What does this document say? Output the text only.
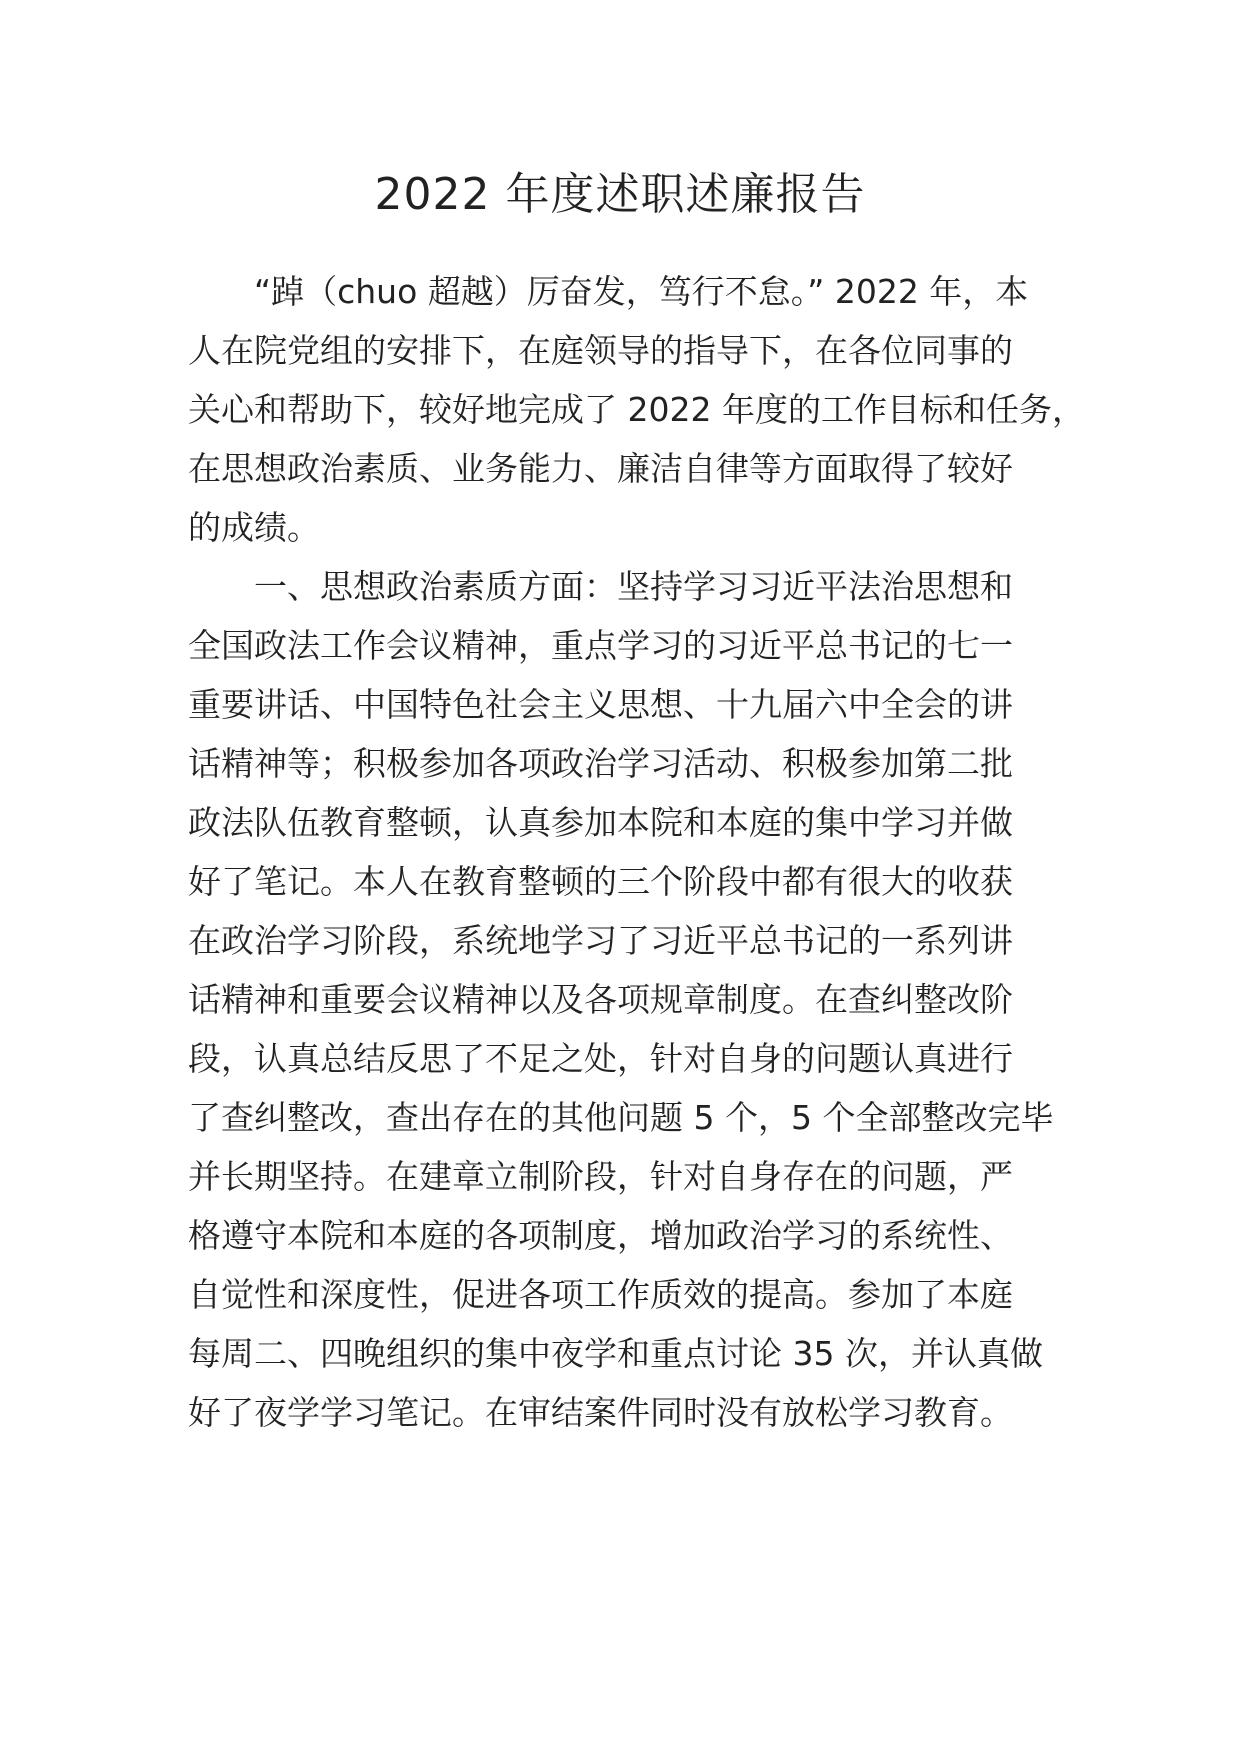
2022 年度述职述廉报告
　　“踔（chuo 超越）厉奋发，笃行不怠。” 2022 年，本
人在院党组的安排下，在庭领导的指导下，在各位同事的
关心和帮助下，较好地完成了 2022 年度的工作目标和任务，
在思想政治素质、业务能力、廉洁自律等方面取得了较好
的成绩。
　　一、思想政治素质方面：坚持学习习近平法治思想和
全国政法工作会议精神，重点学习的习近平总书记的七一
重要讲话、中国特色社会主义思想、十九届六中全会的讲
话精神等；积极参加各项政治学习活动、积极参加第二批
政法队伍教育整顿，认真参加本院和本庭的集中学习并做
好了笔记。本人在教育整顿的三个阶段中都有很大的收获
在政治学习阶段，系统地学习了习近平总书记的一系列讲
话精神和重要会议精神以及各项规章制度。在查纠整改阶
段，认真总结反思了不足之处，针对自身的问题认真进行
了查纠整改，查出存在的其他问题 5 个，5 个全部整改完毕
并长期坚持。在建章立制阶段，针对自身存在的问题，严
格遵守本院和本庭的各项制度，增加政治学习的系统性、
自觉性和深度性，促进各项工作质效的提高。参加了本庭
每周二、四晚组织的集中夜学和重点讨论 35 次，并认真做
好了夜学学习笔记。在审结案件同时没有放松学习教育。
